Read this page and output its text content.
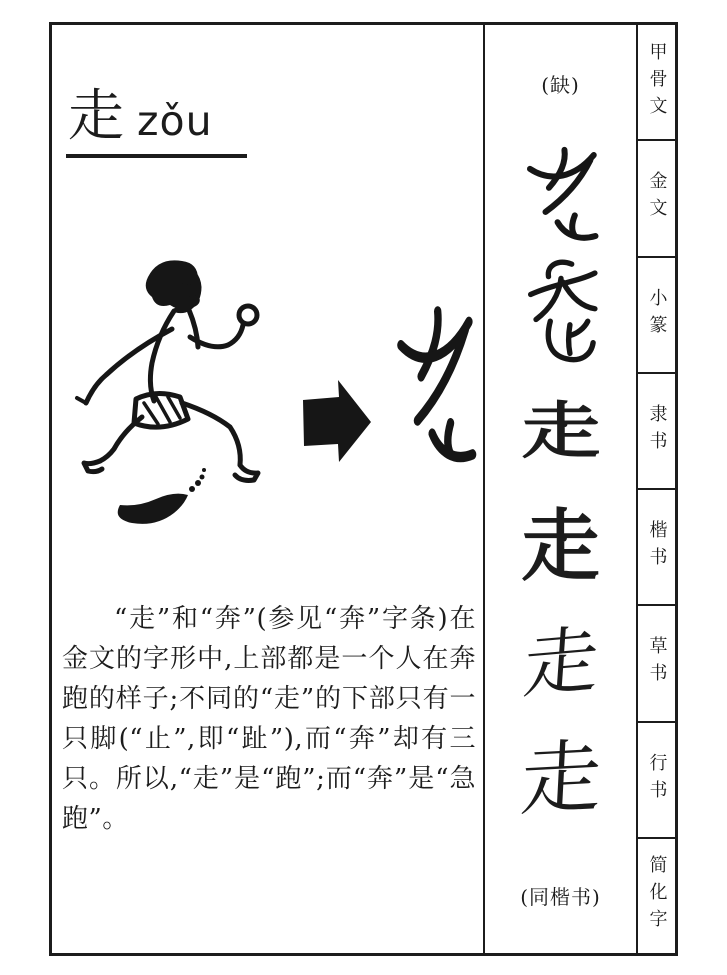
走 zǒu

“走”和“奔”(参见“奔”字条)在金文的字形中,上部都是一个人在奔跑的样子;不同的“走”的下部只有一只脚(“止”,即“趾”),而“奔”却有三只。所以,“走”是“跑”;而“奔”是“急跑”。

(缺)
走
走
走
走
(同楷书)
甲骨文
金文
小篆
隶书
楷书
草书
行书
简化字
